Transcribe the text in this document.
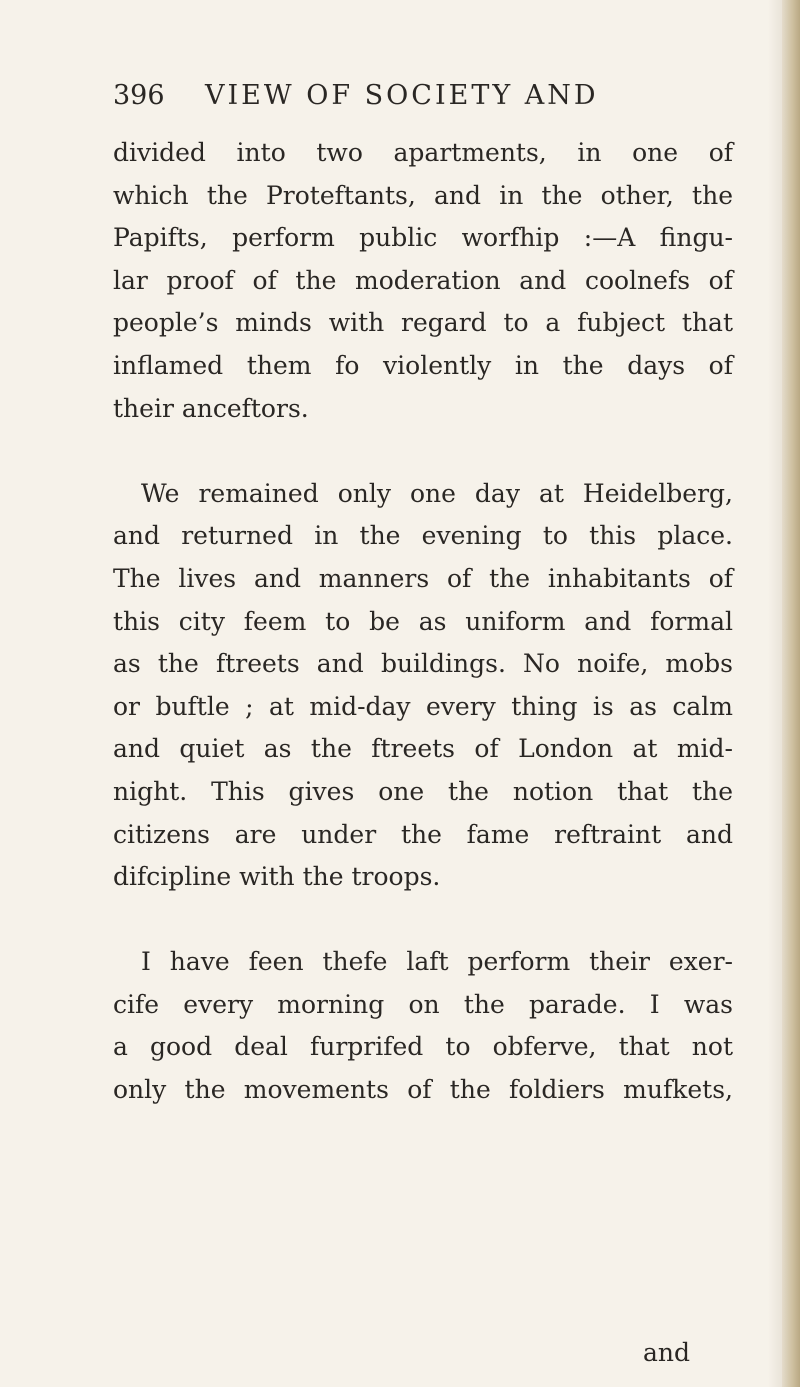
396 VIEW OF SOCIETY AND
divided into two apartments, in one of
which the Proteftants, and in the other, the
Papifts, perform public worfhip :—A fingu-
lar proof of the moderation and coolnefs of
people’s minds with regard to a fubject that
inflamed them fo violently in the days of
their anceftors.
We remained only one day at Heidelberg,
and returned in the evening to this place.
The lives and manners of the inhabitants of
this city feem to be as uniform and formal
as the ftreets and buildings. No noife, mobs
or buftle ; at mid-day every thing is as calm
and quiet as the ftreets of London at mid-
night. This gives one the notion that the
citizens are under the fame reftraint and
difcipline with the troops.
I have feen thefe laft perform their exer-
cife every morning on the parade. I was
a good deal furprifed to obferve, that not
only the movements of the foldiers mufkets,
and
